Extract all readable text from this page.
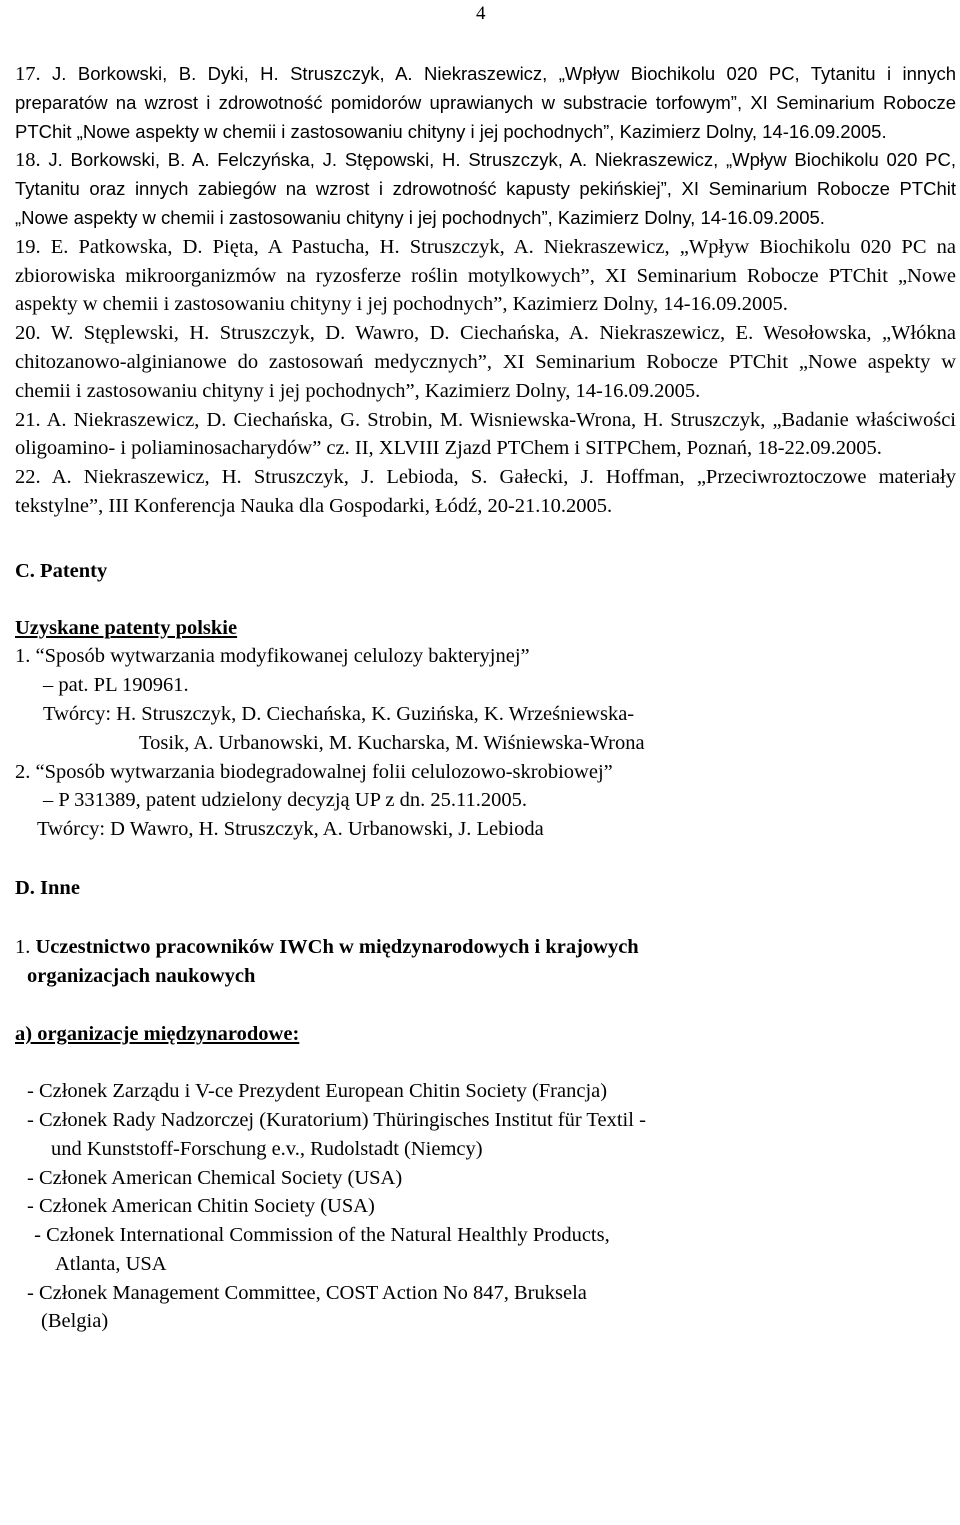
4
17. J. Borkowski, B. Dyki, H. Struszczyk, A. Niekraszewicz, „Wpływ Biochikolu 020 PC, Tytanitu i innych preparatów na wzrost i zdrowotność pomidorów uprawianych w substracie torfowym”, XI Seminarium Robocze PTChit „Nowe aspekty w chemii i zastosowaniu chityny i jej pochodnych”, Kazimierz Dolny, 14-16.09.2005.
18. J. Borkowski, B. A. Felczyńska, J. Stępowski, H. Struszczyk, A. Niekraszewicz, „Wpływ Biochikolu 020 PC, Tytanitu oraz innych zabiegów na wzrost i zdrowotność kapusty pekińskiej”, XI Seminarium Robocze PTChit „Nowe aspekty w chemii i zastosowaniu chityny i jej pochodnych”, Kazimierz Dolny, 14-16.09.2005.
19. E. Patkowska, D. Pięta, A Pastucha, H. Struszczyk, A. Niekraszewicz, „Wpływ Biochikolu 020 PC na zbiorowiska mikroorganizmów na ryzosferze roślin motylkowych”, XI Seminarium Robocze PTChit „Nowe aspekty w chemii i zastosowaniu chityny i jej pochodnych”, Kazimierz Dolny, 14-16.09.2005.
20. W. Stęplewski, H. Struszczyk, D. Wawro, D. Ciechańska, A. Niekraszewicz, E. Wesołowska, „Włókna chitozanowo-alginianowe do zastosowań medycznych”, XI Seminarium Robocze PTChit „Nowe aspekty w chemii i zastosowaniu chityny i jej pochodnych”, Kazimierz Dolny, 14-16.09.2005.
21. A. Niekraszewicz, D. Ciechańska, G. Strobin, M. Wisniewska-Wrona, H. Struszczyk, „Badanie właściwości oligoamino- i poliaminosacharydów” cz. II, XLVIII Zjazd PTChem i SITPChem, Poznań, 18-22.09.2005.
22. A. Niekraszewicz, H. Struszczyk, J. Lebioda, S. Gałecki, J. Hoffman, „Przeciwroztoczowe materiały tekstylne”, III Konferencja Nauka dla Gospodarki, Łódź, 20-21.10.2005.
C. Patenty
Uzyskane patenty polskie
1. “Sposób wytwarzania modyfikowanej celulozy bakteryjnej”
– pat. PL 190961.
Twórcy: H. Struszczyk, D. Ciechańska, K. Guzińska, K. Wrześniewska-
Tosik, A. Urbanowski, M. Kucharska, M. Wiśniewska-Wrona
2. “Sposób wytwarzania biodegradowalnej folii celulozowo-skrobiowej”
– P 331389, patent udzielony decyzją UP z dn. 25.11.2005.
Twórcy: D Wawro, H. Struszczyk, A. Urbanowski, J. Lebioda
D. Inne
1. Uczestnictwo pracowników IWCh w międzynarodowych i krajowych
organizacjach naukowych
a) organizacje międzynarodowe:
- Członek Zarządu i V-ce Prezydent European Chitin Society (Francja)
- Członek Rady Nadzorczej (Kuratorium) Thüringisches Institut für Textil -
und Kunststoff-Forschung e.v., Rudolstadt (Niemcy)
- Członek American Chemical Society (USA)
- Członek American Chitin Society (USA)
- Członek International Commission of the Natural Healthly Products,
Atlanta, USA
- Członek Management Committee, COST Action No 847, Bruksela
(Belgia)
